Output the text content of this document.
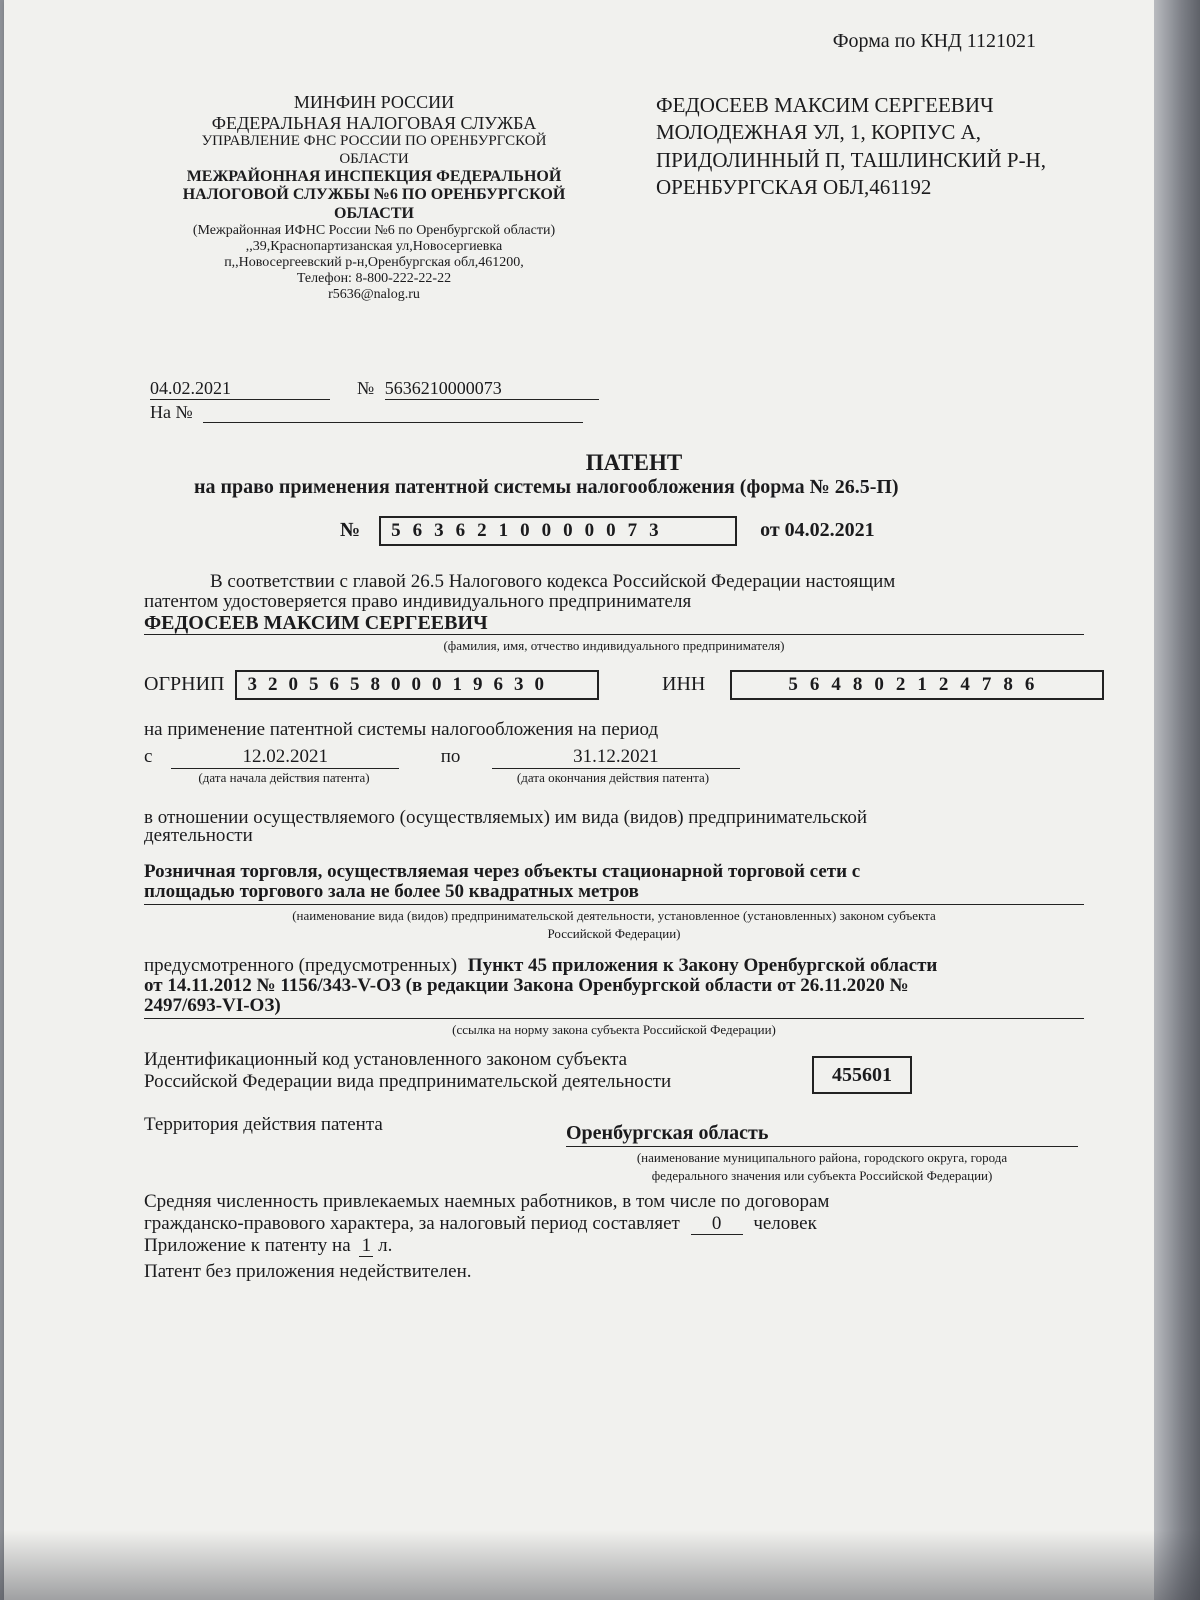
Форма по КНД 1121021
МИНФИН РОССИИ
ФЕДЕРАЛЬНАЯ НАЛОГОВАЯ СЛУЖБА
УПРАВЛЕНИЕ ФНС РОССИИ ПО ОРЕНБУРГСКОЙ
ОБЛАСТИ
МЕЖРАЙОННАЯ ИНСПЕКЦИЯ ФЕДЕРАЛЬНОЙ
НАЛОГОВОЙ СЛУЖБЫ №6 ПО ОРЕНБУРГСКОЙ
ОБЛАСТИ
(Межрайонная ИФНС России №6 по Оренбургской области)
,,39,Краснопартизанская ул,Новосергиевка
п,,Новосергеевский р-н,Оренбургская обл,461200,
Телефон: 8-800-222-22-22
r5636@nalog.ru
ФЕДОСЕЕВ МАКСИМ СЕРГЕЕВИЧ
МОЛОДЕЖНАЯ УЛ, 1, КОРПУС А,
ПРИДОЛИННЫЙ П, ТАШЛИНСКИЙ Р-Н,
ОРЕНБУРГСКАЯ ОБЛ,461192
04.02.2021	№ 5636210000073
На №
ПАТЕНТ
на право применения патентной системы налогообложения (форма № 26.5-П)
№ 5636210000073	от 04.02.2021
В соответствии с главой 26.5 Налогового кодекса Российской Федерации настоящим
патентом удостоверяется право индивидуального предпринимателя
ФЕДОСЕЕВ МАКСИМ СЕРГЕЕВИЧ
(фамилия, имя, отчество индивидуального предпринимателя)
ОГРНИП 320565800019630	ИНН	564802124786
на применение патентной системы налогообложения на период
с	12.02.2021	по	31.12.2021
(дата начала действия патента)	(дата окончания действия патента)
в отношении осуществляемого (осуществляемых) им вида (видов) предпринимательской
деятельности
Розничная торговля, осуществляемая через объекты стационарной торговой сети с
площадью торгового зала не более 50 квадратных метров
(наименование вида (видов) предпринимательской деятельности, установленное (установленных) законом субъекта
Российской Федерации)
предусмотренного (предусмотренных) Пункт 45 приложения к Закону Оренбургской области
от 14.11.2012 № 1156/343-V-ОЗ (в редакции Закона Оренбургской области от 26.11.2020 №
2497/693-VI-ОЗ)
(ссылка на норму закона субъекта Российской Федерации)
Идентификационный код установленного законом субъекта
Российской Федерации вида предпринимательской деятельности	455601
Территория действия патента	Оренбургская область
(наименование муниципального района, городского округа, города
федерального значения или субъекта Российской Федерации)
Средняя численность привлекаемых наемных работников, в том числе по договорам
гражданско-правового характера, за налоговый период составляет 0 человек
Приложение к патенту на 1 л.
Патент без приложения недействителен.
